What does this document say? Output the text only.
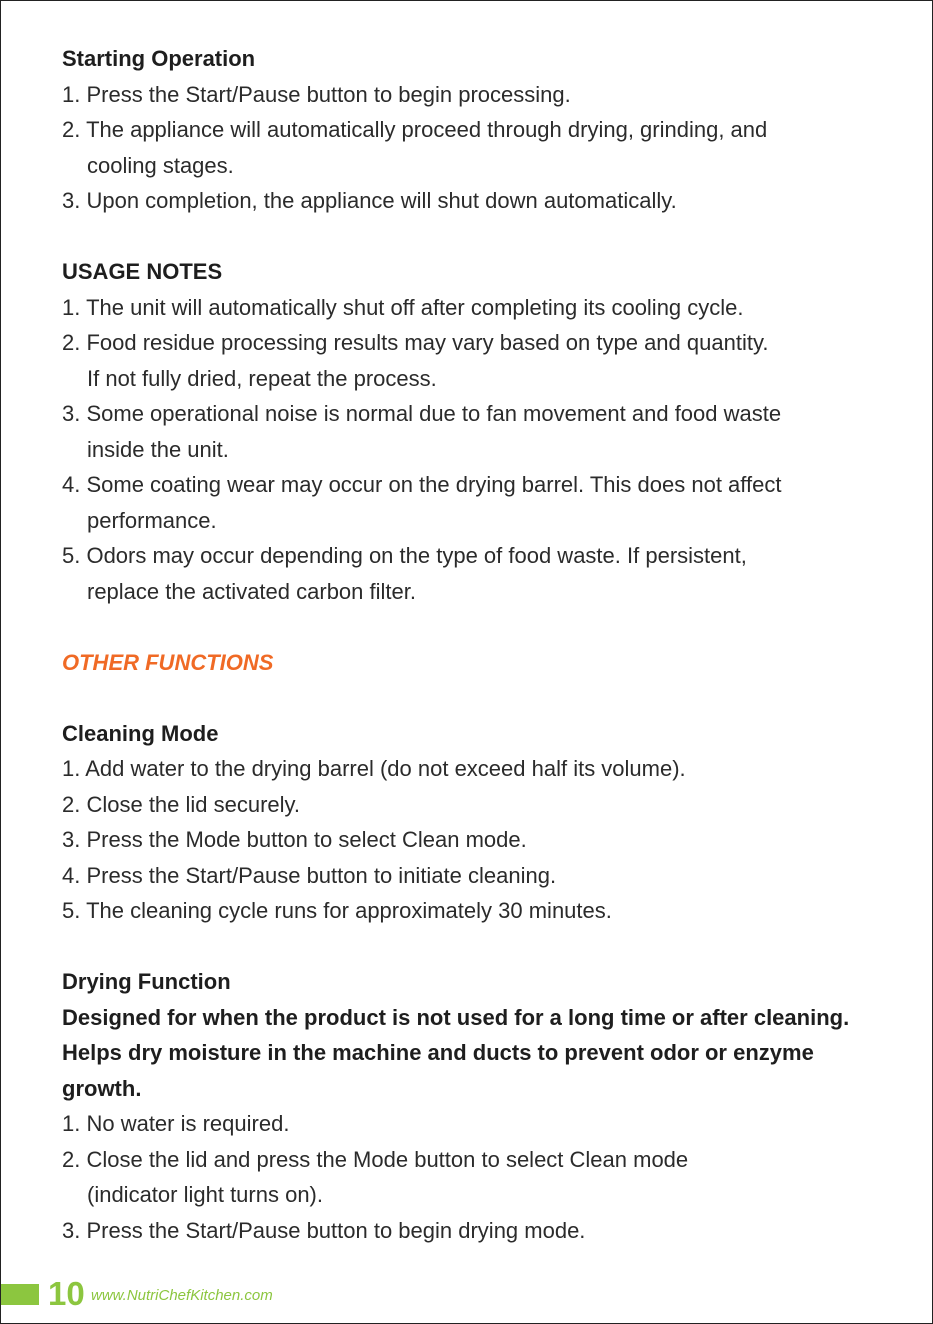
Starting Operation

1. Press the Start/Pause button to begin processing.

2. The appliance will automatically proceed through drying, grinding, and

cooling stages.

3. Upon completion, the appliance will shut down automatically.

USAGE NOTES

1. The unit will automatically shut off after completing its cooling cycle.

2. Food residue processing results may vary based on type and quantity.

If not fully dried, repeat the process.

3. Some operational noise is normal due to fan movement and food waste

inside the unit.

4. Some coating wear may occur on the drying barrel. This does not affect

performance.

5. Odors may occur depending on the type of food waste. If persistent,

replace the activated carbon filter.

OTHER FUNCTIONS

Cleaning Mode

1. Add water to the drying barrel (do not exceed half its volume).

2. Close the lid securely.

3. Press the Mode button to select Clean mode.

4. Press the Start/Pause button to initiate cleaning.

5. The cleaning cycle runs for approximately 30 minutes.

Drying Function

Designed for when the product is not used for a long time or after cleaning.

Helps dry moisture in the machine and ducts to prevent odor or enzyme

growth.

1. No water is required.

2. Close the lid and press the Mode button to select Clean mode

(indicator light turns on).

3. Press the Start/Pause button to begin drying mode.

10 www.NutriChefKitchen.com
